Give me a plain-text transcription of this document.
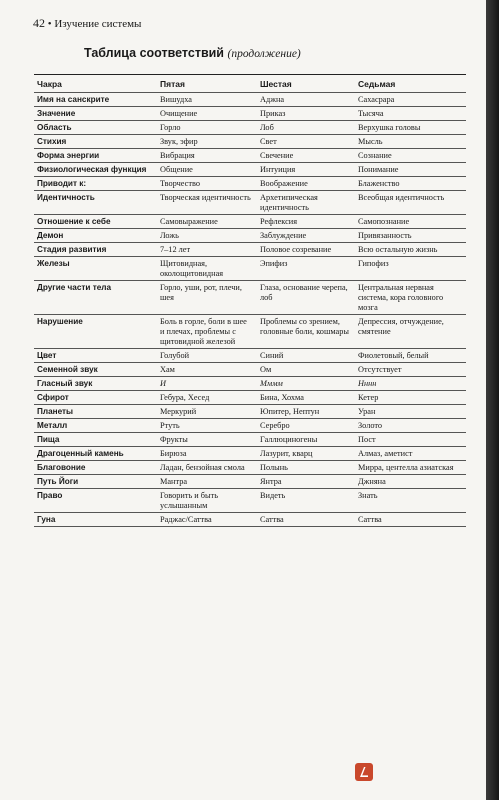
42 • Изучение системы
Таблица соответствий (продолжение)
Чакра	Пятая	Шестая	Седьмая
Имя на санскрите	Вишудха	Аджна	Сахасрара
Значение	Очищение	Приказ	Тысяча
Область	Горло	Лоб	Верхушка головы
Стихия	Звук, эфир	Свет	Мысль
Форма энергии	Вибрация	Свечение	Сознание
Физиологическая функция	Общение	Интуиция	Понимание
Приводит к:	Творчество	Воображение	Блаженство
Идентичность	Творческая идентичность	Архетипическая идентичность	Всеобщая идентичность
Отношение к себе	Самовыражение	Рефлексия	Самопознание
Демон	Ложь	Заблуждение	Привязанность
Стадия развития	7–12 лет	Половое созревание	Всю остальную жизнь
Железы	Щитовидная, околощитовидная	Эпифиз	Гипофиз
Другие части тела	Горло, уши, рот, плечи, шея	Глаза, основание черепа, лоб	Центральная нервная система, кора головного мозга
Нарушение	Боль в горле, боли в шее и плечах, проблемы с щитовидной железой	Проблемы со зрением, головные боли, кошмары	Депрессия, отчуждение, смятение
Цвет	Голубой	Синий	Фиолетовый, белый
Семенной звук	Хам	Ом	Отсутствует
Гласный звук	И	Мммм	Нннн
Сфирот	Гебура, Хесед	Бина, Хохма	Кетер
Планеты	Меркурий	Юпитер, Нептун	Уран
Металл	Ртуть	Серебро	Золото
Пища	Фрукты	Галлюциногены	Пост
Драгоценный камень	Бирюза	Лазурит, кварц	Алмаз, аметист
Благовоние	Ладан, бензойная смола	Полынь	Мирра, центелла азиатская
Путь Йоги	Мантра	Янтра	Джняна
Право	Говорить и быть услышанным	Видеть	Знать
Гуна	Раджас/Саттва	Саттва	Саттва
